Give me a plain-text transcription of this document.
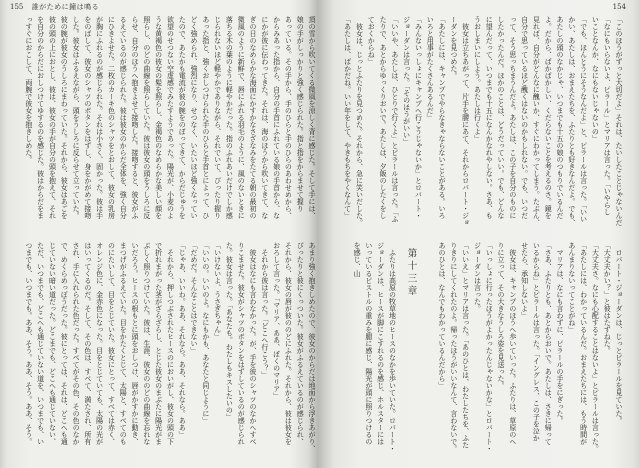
155 誰がために鐘は鳴る
頂の雪から吹いてくる微風を涼しく背に感じた。そして手には、
娘の手がしっかりと強く感じられた。指と指をからませて握り
あっている。その手から、手のひらと手のひらのあわせめから、
からみあった指から、自分の手首にふれている娘の手首から、な
にかが彼に伝わってきた。それは、海のほうから吹いてきて、な
ぎの日のなめらかな海面にかすかなさざなみをたてる朝の最初の
微風のように新鮮で、唇にふれる羽毛のように、風のないときに
落ちる木の葉のように軽やかだった。指のふれあいだけでしか感
じられないほど軽やかでありながら、それでいて、ぴったり握り
あった指と、強くおしつけられた手のひらと手首とによって、ひ
どく強められ、強烈になり、せつなく、いたいほど強くなってい
たので、あたかも電流が彼の腕をのぼってきて、からだじゅうを
欲望のせつない空虚感でみたすようであった。陽光が、小麦のよ
うな黄褐色の彼女の髪を照らし、金褐色のなめらかな美しい顔を
照らし、のどの曲線を照らしていた。彼は彼女の頭をうしろに反
らせ、自分のほうへ抱きよせて接吻した。接吻すると、彼女がふ
るえているのが感じられた。彼は彼女のからだ全体を、強く自分
にひきよせた。二枚のカーキ色のシャツをとおして、彼女の乳房
が胸にふれるのが感じられた。それは小さく、固かった。彼は手
をのばして、彼女のシャツのボタンをはずし、身をかがめて接吻
した。彼女はふるえながら、頭をうしろに反らせて立っていた。
彼の腕が彼女のうしろにまわっていた。それから、彼女はあごを
彼の頭の上におとし、彼は、彼女の手が自分の頭を抱えて、それ
を自分のからだにおしつけてゆするのを感じた。彼はからだをま
っすぐにおこして、両腕で彼女を抱きしめた。
あまり強く抱きしめたので、彼女のからだは地面から浮きあがり、
ぴったりと彼にくっついた。彼女がふるえているのが感じられ、
それから、彼女の唇が彼ののどにふれた。それから、彼は彼女を
おろして言った。「マリア、ああ、ぼくのマリア」
　それから彼は言った。「どこへ行こう？」
　彼女はなにも言わなかった。が、手を彼のシャツのなかへすべ
りこませた。彼女がシャツのボタンをはずしているのが感じられ
た。彼女は言った。「あなたも。わたしもキスしたいの」
「いけないよ、うさぎちゃん」
「いいの。いいのよ。なにもかも、あなたと同じように」
「だめだ。そんなことはできない」
「じゃあ、いいわ。ああ、それなら。ああ、それなら。ああ」
　それから、押しつぶされたヒースのにおいがし、彼女の頭の下
で折れまがった茎がざらざらし、とじた彼女のまぶたに陽光がま
ぶしく照りつけていた。彼は、生涯、彼女ののどの曲線を忘れな
いだろう。ヒースの根もとに頭をおしつけ、唇がかすかに動き、
まつげがふるえていた。目をかたくとじて、太陽と、すべてのも
のにたいして、目をとじていた。彼女にとって、すべては赤く、
オレンジ色に、金赤色になった。目をとじていても、太陽の光が
はいってくるのだ。そして、その色は、すべて、満たされ、所有
され、手に入れられた色だった。すべてがその色、その色のなか
で、めくらめっぽうだった。彼にとっては、それは、どこへも通
じていない暗い道だった。どこまでも、どこへも通じていない、
ただ、いつまでも、どこへも通じていない道を、いつまでも、い
つまでも、いつまでも。ああ、そう。ああ、そう。ああ、そう。
154
「このほうがずっと大切だよ」それは、たいしたことじゃないんだ
「なにもいらないよ、ピラール」とマリアは言った。「いやらし
いことなんか、なにもないじゃないの」
「でも、ほんとうにそうなんだよ」と、ピラールは言った。「いい
かい、あたしは、おまえたちを、ふたりとも好きなんだよ。でも、
あたしの頭のなかじゃ、いつまでも十五の娘のつもりでいるんだ
よ。だから、ばかばかしい、くだらないことを考えるのさ。鏡を
見れば、自分がどんなに醜いか、すぐにわかってしまう。たぶん、
自分で思っているほど醜くはないのかもしれない。でも、いつだ
って、そう思っちまうんだよ。あたしは、この子を自分のものに
したかったんだ。ほかのことは、どうだっていい。でも、どんな
に望んだって、いつまでも十五になんかなれやしない。さあ、も
うおしまいにしよう。あたしは行くよ」
　彼女は立ちあがって、片手を腰にあて、それからロバート・ジョ
ーダンを見つめた。
「あたしには、キャンプでやらなきゃならないことがある。いろ
いろと用事がたくさんあるんだ」
「みんないっしょにキャンプへ行こうじゃないか」とロバート・
ジョーダンは言った。「そのほうがいい」
「いいや、あたしは、ひとりで行くよ」とピラールは言った。「ふ
たりで、あとからゆっくりおいで。あたしは、夕飯のしたくをし
ておくからね」
　彼女は、じっとふたりを見つめた。それから、急に笑いだした。
「あたしは、ばかだね。いい年をして、やきもちをやくなんて」
　ロバート・ジョーダンは、じっとピラールを見ていた。
「大丈夫かい？」と彼はたずねた。
「大丈夫さ。なにも心配することはないよ」とピラールは言った。
「あたしには、わかっているんだ。おまえたちには、もう時間が
あんまりないってことがね」
　マリアは、なにも言わずに、ピラールの手をにぎった。
「さあ、ふたりとも、あとからおいで。あたしは、さきに帰って
いるからね」とピラールは言った。「イングレス、この子を泣か
せたら、承知しないよ」
　彼女は、キャンプのほうへ歩いていった。ふたりは、草原のへ
りに立って、その大きなうしろ姿を見送った。
「いっしょに行ったほうがよかったんじゃないかな」とロバート・
ジョーダンは言った。
「いいえ」とマリアは言った。「あのひとは、わたしたちを、ふた
りきりにしてくれたのよ。帰ったほうがいいなんて、言わないで。
あのひとは、なんでもわかっているんだから」
第十三章
　ふたりは高原の牧草地のヒースのなかを歩いていた。ロバート・
ジョーダンは、ヒースが脚にこすれるのを感じ、ホルスターには
いっているピストルの重みを腿に感じ、陽光が頭に照りつけるの
を感じ、山
